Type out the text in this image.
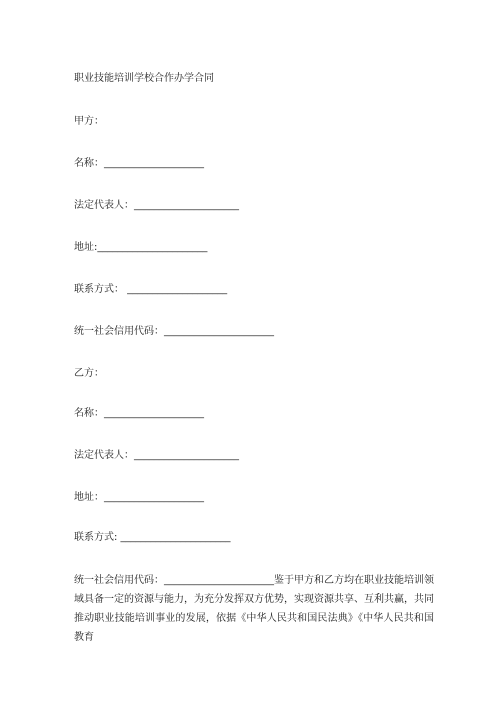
职业技能培训学校合作办学合同
甲方：
名称：____________________
法定代表人：_____________________
地址:______________________
联系方式： ____________________
统一社会信用代码：______________________
乙方：
名称：____________________
法定代表人：_____________________
地址：____________________
联系方式: ______________________
统一社会信用代码：______________________鉴于甲方和乙方均在职业技能培训领域具备一定的资源与能力，为充分发挥双方优势，实现资源共享、互利共赢，共同推动职业技能培训事业的发展，依据《中华人民共和国民法典》《中华人民共和国教育
